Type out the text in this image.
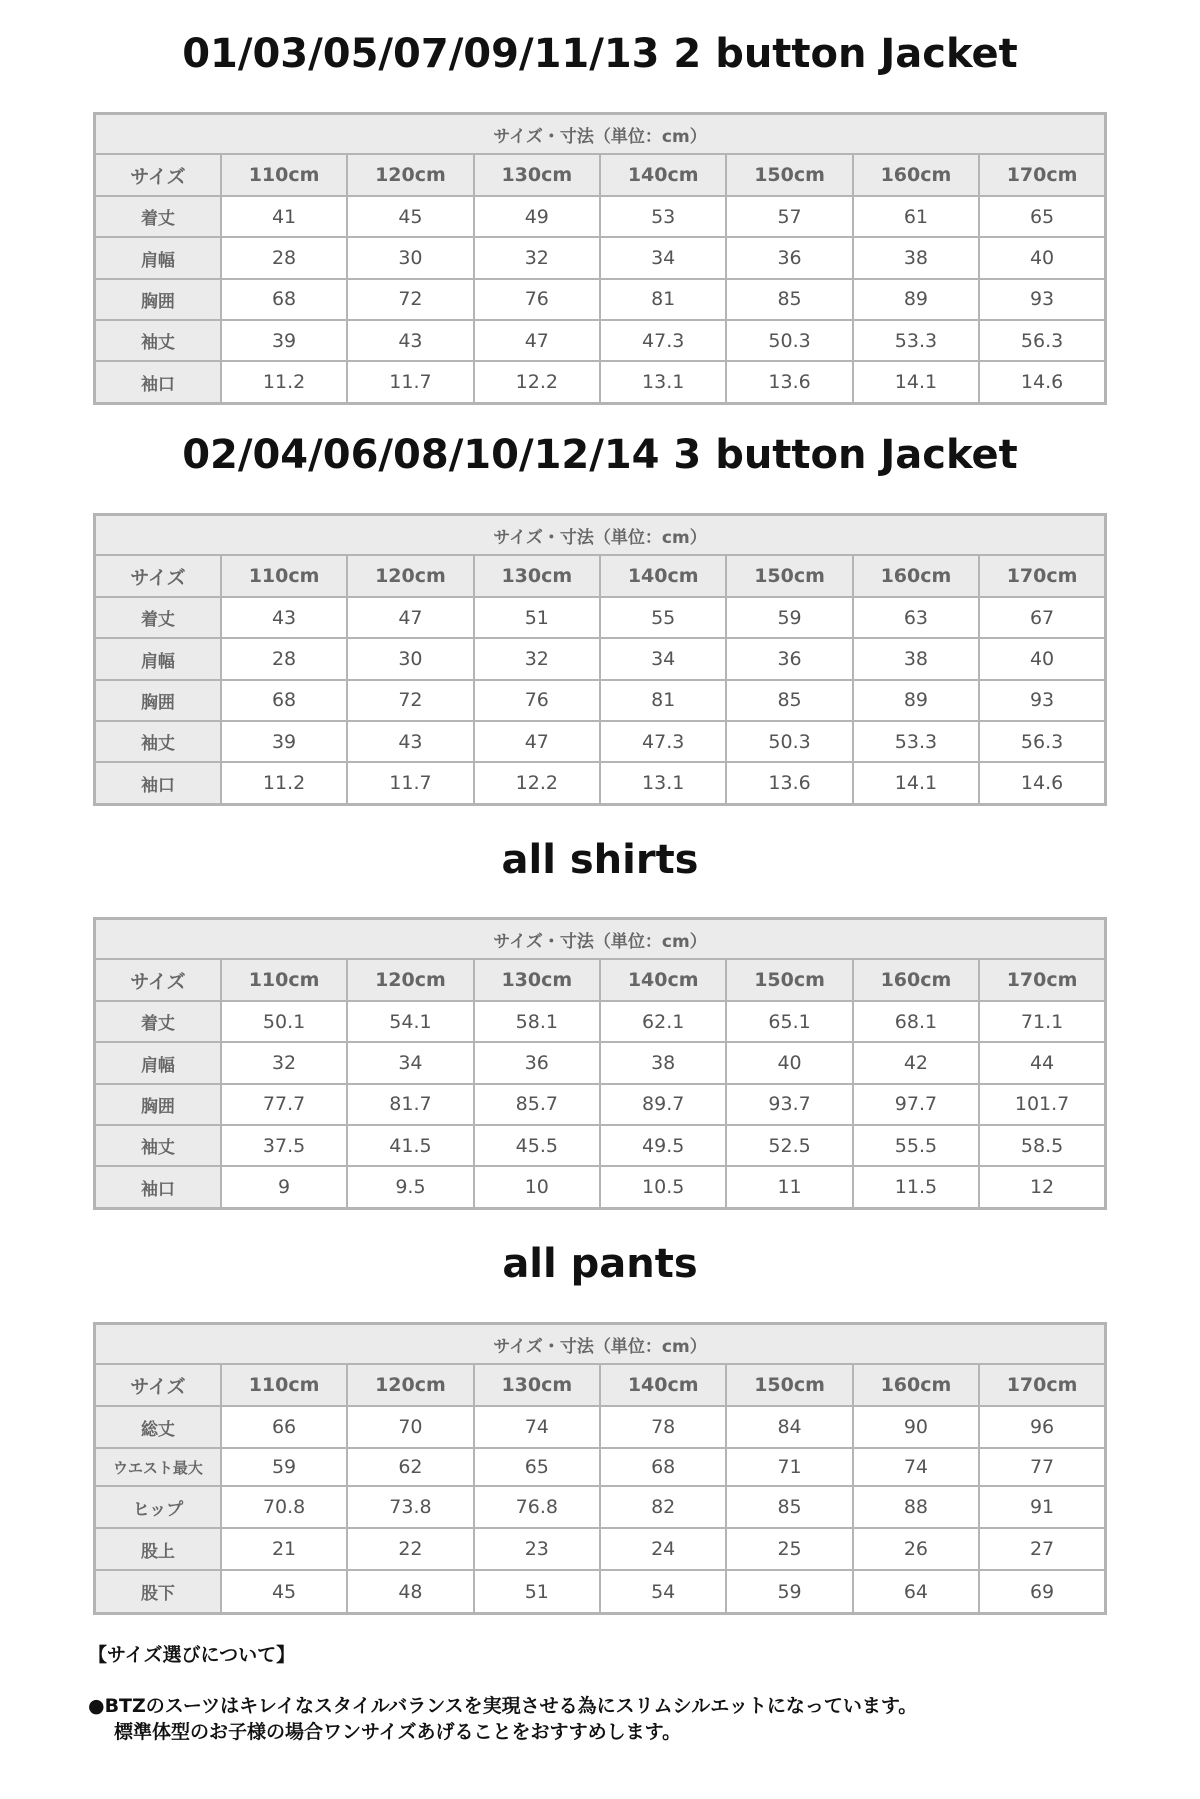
01/03/05/07/09/11/13 2 button Jacket
サイズ・寸法（単位：cm）							
サイズ	110cm	120cm	130cm	140cm	150cm	160cm	170cm
着丈	41	45	49	53	57	61	65
肩幅	28	30	32	34	36	38	40
胸囲	68	72	76	81	85	89	93
袖丈	39	43	47	47.3	50.3	53.3	56.3
袖口	11.2	11.7	12.2	13.1	13.6	14.1	14.6
02/04/06/08/10/12/14 3 button Jacket
サイズ・寸法（単位：cm）							
サイズ	110cm	120cm	130cm	140cm	150cm	160cm	170cm
着丈	43	47	51	55	59	63	67
肩幅	28	30	32	34	36	38	40
胸囲	68	72	76	81	85	89	93
袖丈	39	43	47	47.3	50.3	53.3	56.3
袖口	11.2	11.7	12.2	13.1	13.6	14.1	14.6
all shirts
サイズ・寸法（単位：cm）							
サイズ	110cm	120cm	130cm	140cm	150cm	160cm	170cm
着丈	50.1	54.1	58.1	62.1	65.1	68.1	71.1
肩幅	32	34	36	38	40	42	44
胸囲	77.7	81.7	85.7	89.7	93.7	97.7	101.7
袖丈	37.5	41.5	45.5	49.5	52.5	55.5	58.5
袖口	9	9.5	10	10.5	11	11.5	12
all pants
サイズ・寸法（単位：cm）							
サイズ	110cm	120cm	130cm	140cm	150cm	160cm	170cm
総丈	66	70	74	78	84	90	96
ウエスト最大	59	62	65	68	71	74	77
ヒップ	70.8	73.8	76.8	82	85	88	91
股上	21	22	23	24	25	26	27
股下	45	48	51	54	59	64	69

【サイズ選びについて】

●BTZのスーツはキレイなスタイルバランスを実現させる為にスリムシルエットになっています。

標準体型のお子様の場合ワンサイズあげることをおすすめします。
